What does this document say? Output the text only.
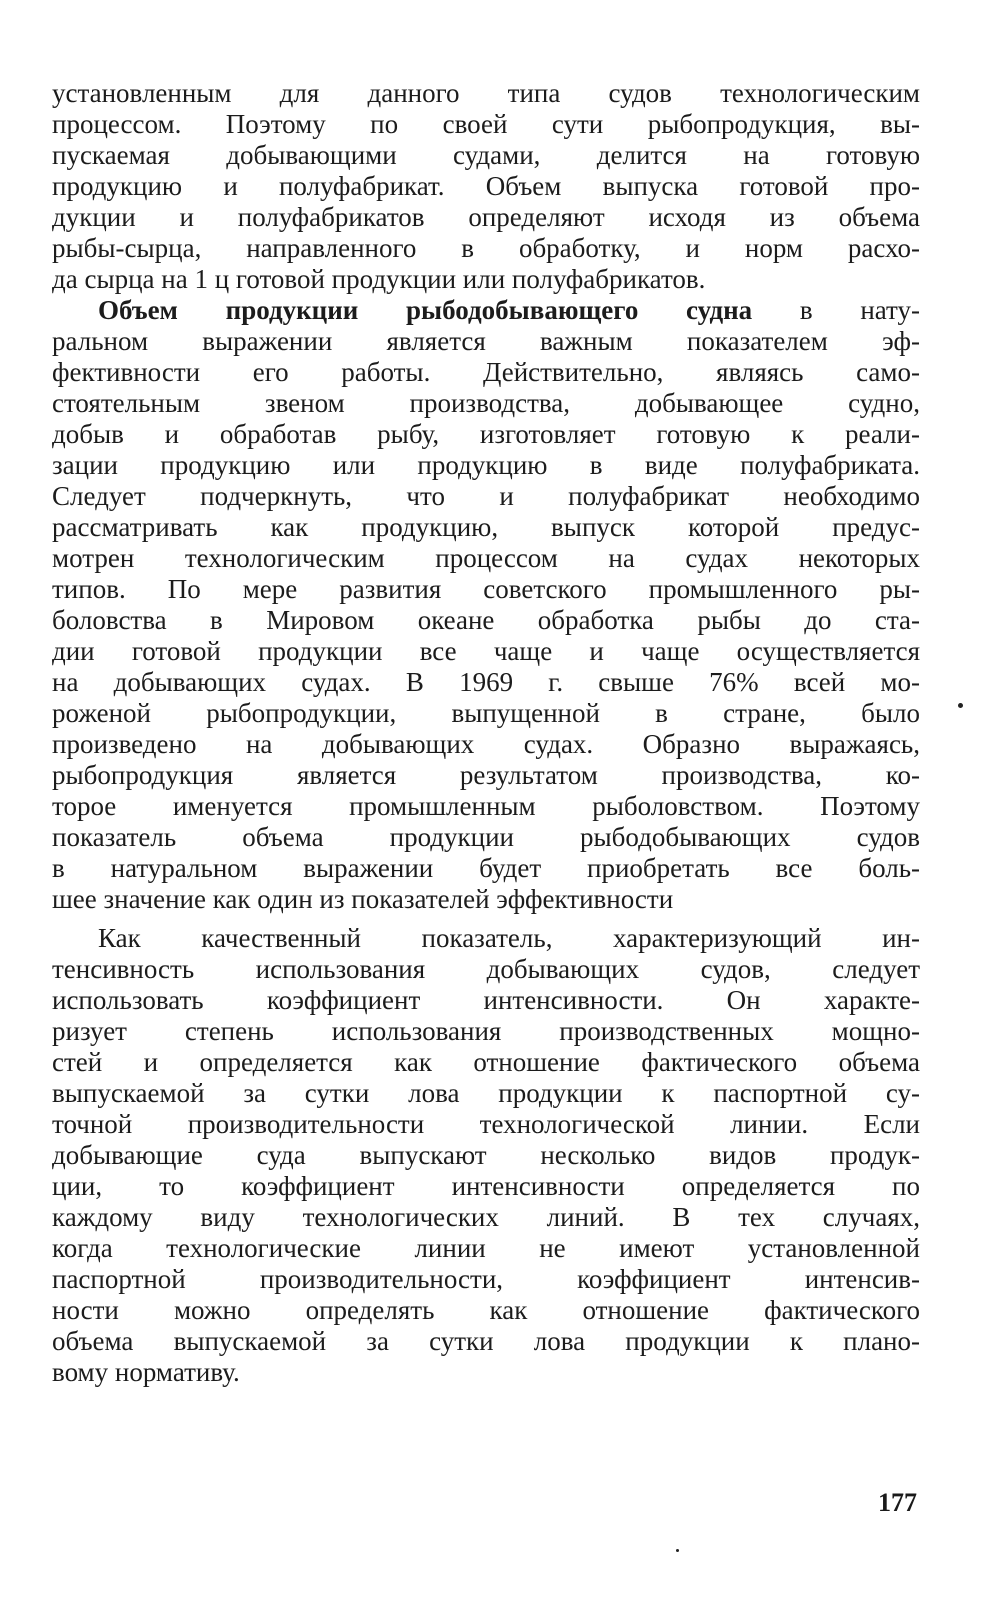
установленным для данного типа судов технологическим
процессом. Поэтому по своей сути рыбопродукция, вы-
пускаемая добывающими судами, делится на готовую
продукцию и полуфабрикат. Объем выпуска готовой про-
дукции и полуфабрикатов определяют исходя из объема
рыбы-сырца, направленного в обработку, и норм расхо-
да сырца на 1 ц готовой продукции или полуфабрикатов.
Объем продукции рыбодобывающего судна в нату-
ральном выражении является важным показателем эф-
фективности его работы. Действительно, являясь само-
стоятельным звеном производства, добывающее судно,
добыв и обработав рыбу, изготовляет готовую к реали-
зации продукцию или продукцию в виде полуфабриката.
Следует подчеркнуть, что и полуфабрикат необходимо
рассматривать как продукцию, выпуск которой предус-
мотрен технологическим процессом на судах некоторых
типов. По мере развития советского промышленного ры-
боловства в Мировом океане обработка рыбы до ста-
дии готовой продукции все чаще и чаще осуществляется
на добывающих судах. В 1969 г. свыше 76% всей мо-
роженой рыбопродукции, выпущенной в стране, было
произведено на добывающих судах. Образно выражаясь,
рыбопродукция является результатом производства, ко-
торое именуется промышленным рыболовством. Поэтому
показатель объема продукции рыбодобывающих судов
в натуральном выражении будет приобретать все боль-
шее значение как один из показателей эффективности
Как качественный показатель, характеризующий ин-
тенсивность использования добывающих судов, следует
использовать коэффициент интенсивности. Он характе-
ризует степень использования производственных мощно-
стей и определяется как отношение фактического объема
выпускаемой за сутки лова продукции к паспортной су-
точной производительности технологической линии. Если
добывающие суда выпускают несколько видов продук-
ции, то коэффициент интенсивности определяется по
каждому виду технологических линий. В тех случаях,
когда технологические линии не имеют установленной
паспортной производительности, коэффициент интенсив-
ности можно определять как отношение фактического
объема выпускаемой за сутки лова продукции к плано-
вому нормативу.
177
